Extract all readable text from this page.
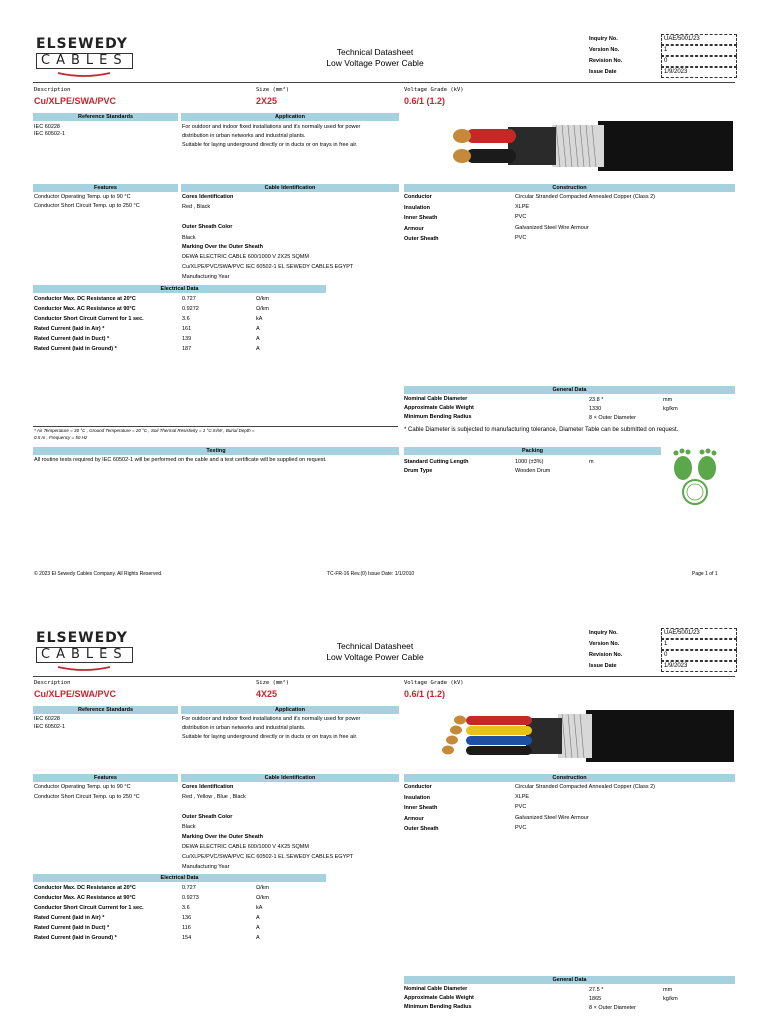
ELSEWEDY
CABLES
Technical Datasheet
Low Voltage Power Cable
Inquiry No.	UAE/5001/23
Version No.	1
Revision No.	0
Issue Date	1/9/2023
Description
Cu/XLPE/SWA/PVC
Size (mm²)
2X25
Voltage Grade (kV)
0.6/1 (1.2)
Reference Standards
IEC 60228
IEC 60502-1
Application
For outdoor and indoor fixed installations and it's normally used for power
distribution in urban networks and industrial plants.
Suitable for laying underground directly or in ducts or on trays in free air.
Features
Conductor Operating Temp. up to 90 °C
Conductor Short Circuit Temp. up to 250 °C
Cable Identification
Cores Identification
Red , Black
Outer Sheath Color
Black
Marking Over the Outer Sheath
DEWA ELECTRIC CABLE 600/1000 V 2X25 SQMM
Cu/XLPE/PVC/SWA/PVC IEC 60502-1 EL SEWEDY CABLES EGYPT
Manufacturing Year
Construction
Conductor	Circular Stranded Compacted Annealed Copper (Class 2)
Insulation	XLPE
Inner Sheath	PVC
Armour	Galvanized Steel Wire Armour
Outer Sheath	PVC
Electrical Data
Conductor Max. DC Resistance at 20°C	0.727	Ω/km
Conductor Max. AC Resistance at 90°C	0.9272	Ω/km
Conductor Short Circuit Current for 1 sec.	3.6	kA
Rated Current (laid in Air) *	161	A
Rated Current (laid in Duct) *	139	A
Rated Current (laid in Ground) *	187	A
General Data
Nominal Cable Diameter	23.8 *	mm
Approximate Cable Weight	1330	kg/km
Minimum Bending Radius	8 × Outer Diameter
* Cable Diameter is subjected to manufacturing tolerance, Diameter Table can be submitted on request.
* Air Temperature = 30 °C , Ground Temperature = 20 °C , Soil Thermal Resistivity = 1 °C.m/W , Burial Depth =
0.5 m , Frequency = 50 Hz
Testing
All routine tests required by IEC 60502-1 will be performed on the cable and a test certificate will be supplied on request.
Packing
Standard Cutting Length	1000 (±3%)	m
Drum Type	Wooden Drum
© 2023 El Sewedy Cables Company. All Rights Reserved.	TC-FR-16 Rev.(0) Issue Date: 1/1/2010	Page 1 of 1
ELSEWEDY
CABLES
Technical Datasheet
Low Voltage Power Cable
Inquiry No.	UAE/5001/23
Version No.	1
Revision No.	0
Issue Date	1/9/2023
Description
Cu/XLPE/SWA/PVC
Size (mm²)
4X25
Voltage Grade (kV)
0.6/1 (1.2)
Reference Standards
IEC 60228
IEC 60502-1
Application
For outdoor and indoor fixed installations and it's normally used for power
distribution in urban networks and industrial plants.
Suitable for laying underground directly or in ducts or on trays in free air.
Features
Conductor Operating Temp. up to 90 °C
Conductor Short Circuit Temp. up to 250 °C
Cable Identification
Cores Identification
Red , Yellow , Blue , Black
Outer Sheath Color
Black
Marking Over the Outer Sheath
DEWA ELECTRIC CABLE 600/1000 V 4X25 SQMM
Cu/XLPE/PVC/SWA/PVC IEC 60502-1 EL SEWEDY CABLES EGYPT
Manufacturing Year
Construction
Conductor	Circular Stranded Compacted Annealed Copper (Class 2)
Insulation	XLPE
Inner Sheath	PVC
Armour	Galvanized Steel Wire Armour
Outer Sheath	PVC
Electrical Data
Conductor Max. DC Resistance at 20°C	0.727	Ω/km
Conductor Max. AC Resistance at 90°C	0.9273	Ω/km
Conductor Short Circuit Current for 1 sec.	3.6	kA
Rated Current (laid in Air) *	136	A
Rated Current (laid in Duct) *	116	A
Rated Current (laid in Ground) *	154	A
General Data
Nominal Cable Diameter	27.5 *	mm
Approximate Cable Weight	1865	kg/km
Minimum Bending Radius	8 × Outer Diameter
